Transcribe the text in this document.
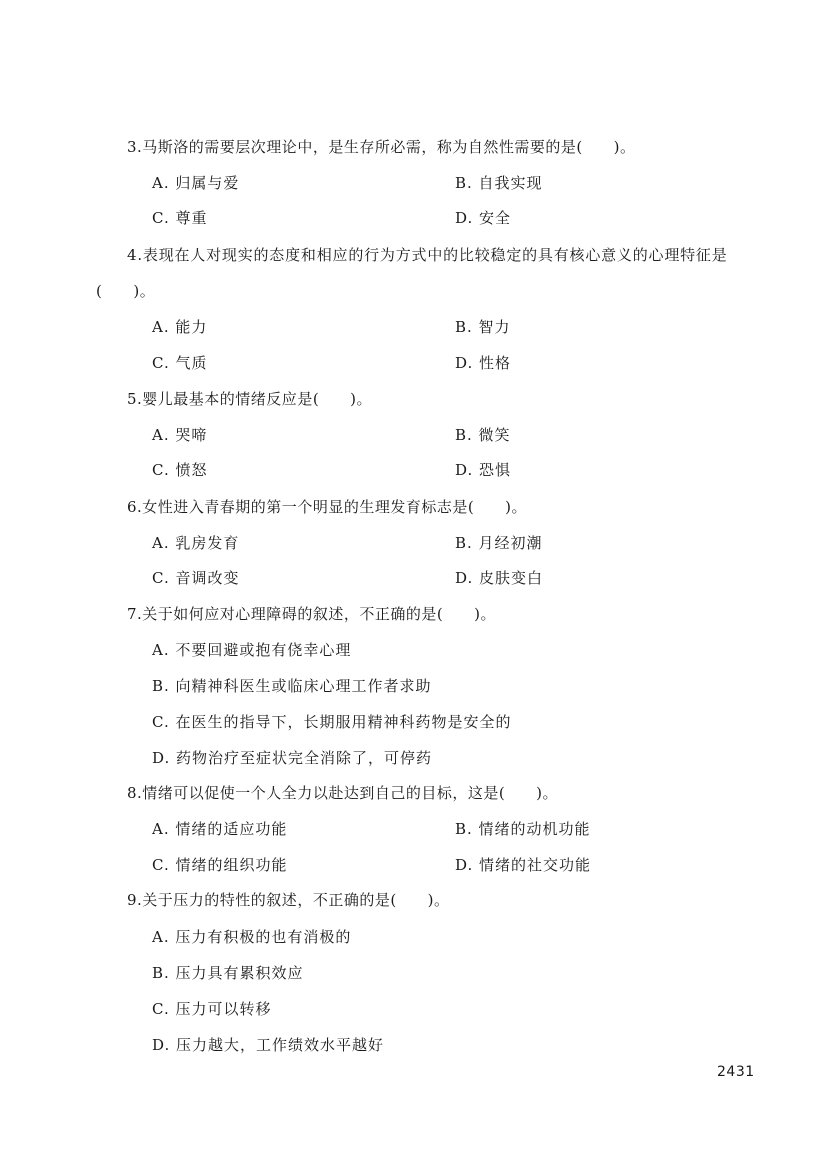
3.马斯洛的需要层次理论中，是生存所必需，称为自然性需要的是(　　)。
A. 归属与爱	B. 自我实现
C. 尊重	D. 安全
4.表现在人对现实的态度和相应的行为方式中的比较稳定的具有核心意义的心理特征是
(　　)。
A. 能力	B. 智力
C. 气质	D. 性格
5.婴儿最基本的情绪反应是(　　)。
A. 哭啼	B. 微笑
C. 愤怒	D. 恐惧
6.女性进入青春期的第一个明显的生理发育标志是(　　)。
A. 乳房发育	B. 月经初潮
C. 音调改变	D. 皮肤变白
7.关于如何应对心理障碍的叙述，不正确的是(　　)。
A. 不要回避或抱有侥幸心理
B. 向精神科医生或临床心理工作者求助
C. 在医生的指导下，长期服用精神科药物是安全的
D. 药物治疗至症状完全消除了，可停药
8.情绪可以促使一个人全力以赴达到自己的目标，这是(　　)。
A. 情绪的适应功能	B. 情绪的动机功能
C. 情绪的组织功能	D. 情绪的社交功能
9.关于压力的特性的叙述，不正确的是(　　)。
A. 压力有积极的也有消极的
B. 压力具有累积效应
C. 压力可以转移
D. 压力越大，工作绩效水平越好
2431
